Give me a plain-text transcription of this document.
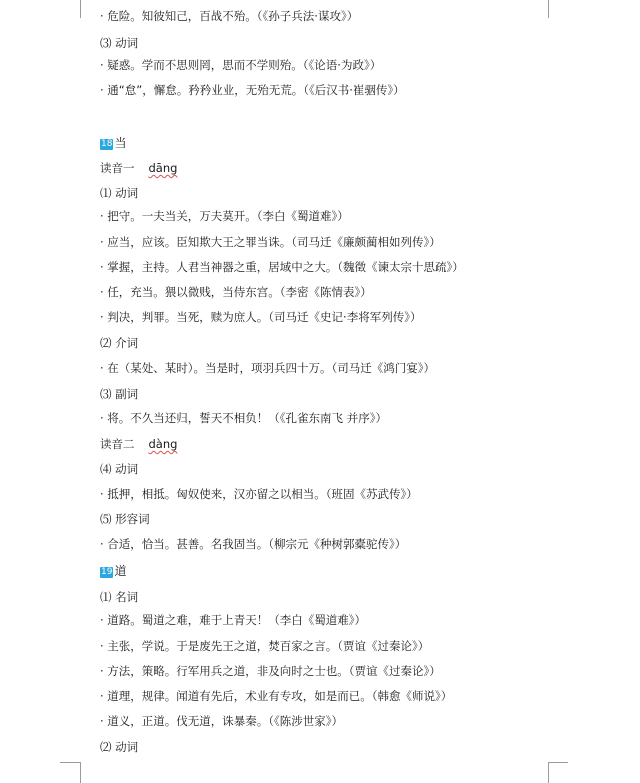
· 危险。知彼知己，百战不殆。（《孙子兵法·谋攻》）
⑶ 动词
· 疑惑。学而不思则罔，思而不学则殆。（《论语·为政》）
· 通“怠”，懈怠。矜矜业业，无殆无荒。（《后汉书·崔骃传》）
18 当
读音一 dāng
⑴ 动词
· 把守。一夫当关，万夫莫开。（李白《蜀道难》）
· 应当，应该。臣知欺大王之罪当诛。（司马迁《廉颇蔺相如列传》）
· 掌握，主持。人君当神器之重，居域中之大。（魏徵《谏太宗十思疏》）
· 任，充当。猥以微贱，当侍东宫。（李密《陈情表》）
· 判决，判罪。当死，赎为庶人。（司马迁《史记·李将军列传》）
⑵ 介词
· 在（某处、某时）。当是时，项羽兵四十万。（司马迁《鸿门宴》）
⑶ 副词
· 将。不久当还归，誓天不相负！（《孔雀东南飞 并序》）
读音二 dàng
⑷ 动词
· 抵押，相抵。匈奴使来，汉亦留之以相当。（班固《苏武传》）
⑸ 形容词
· 合适，恰当。甚善。名我固当。（柳宗元《种树郭橐驼传》）
19 道
⑴ 名词
· 道路。蜀道之难，难于上青天！（李白《蜀道难》）
· 主张，学说。于是废先王之道，焚百家之言。（贾谊《过秦论》）
· 方法，策略。行军用兵之道，非及向时之士也。（贾谊《过秦论》）
· 道理，规律。闻道有先后，术业有专攻，如是而已。（韩愈《师说》）
· 道义，正道。伐无道，诛暴秦。（《陈涉世家》）
⑵ 动词
